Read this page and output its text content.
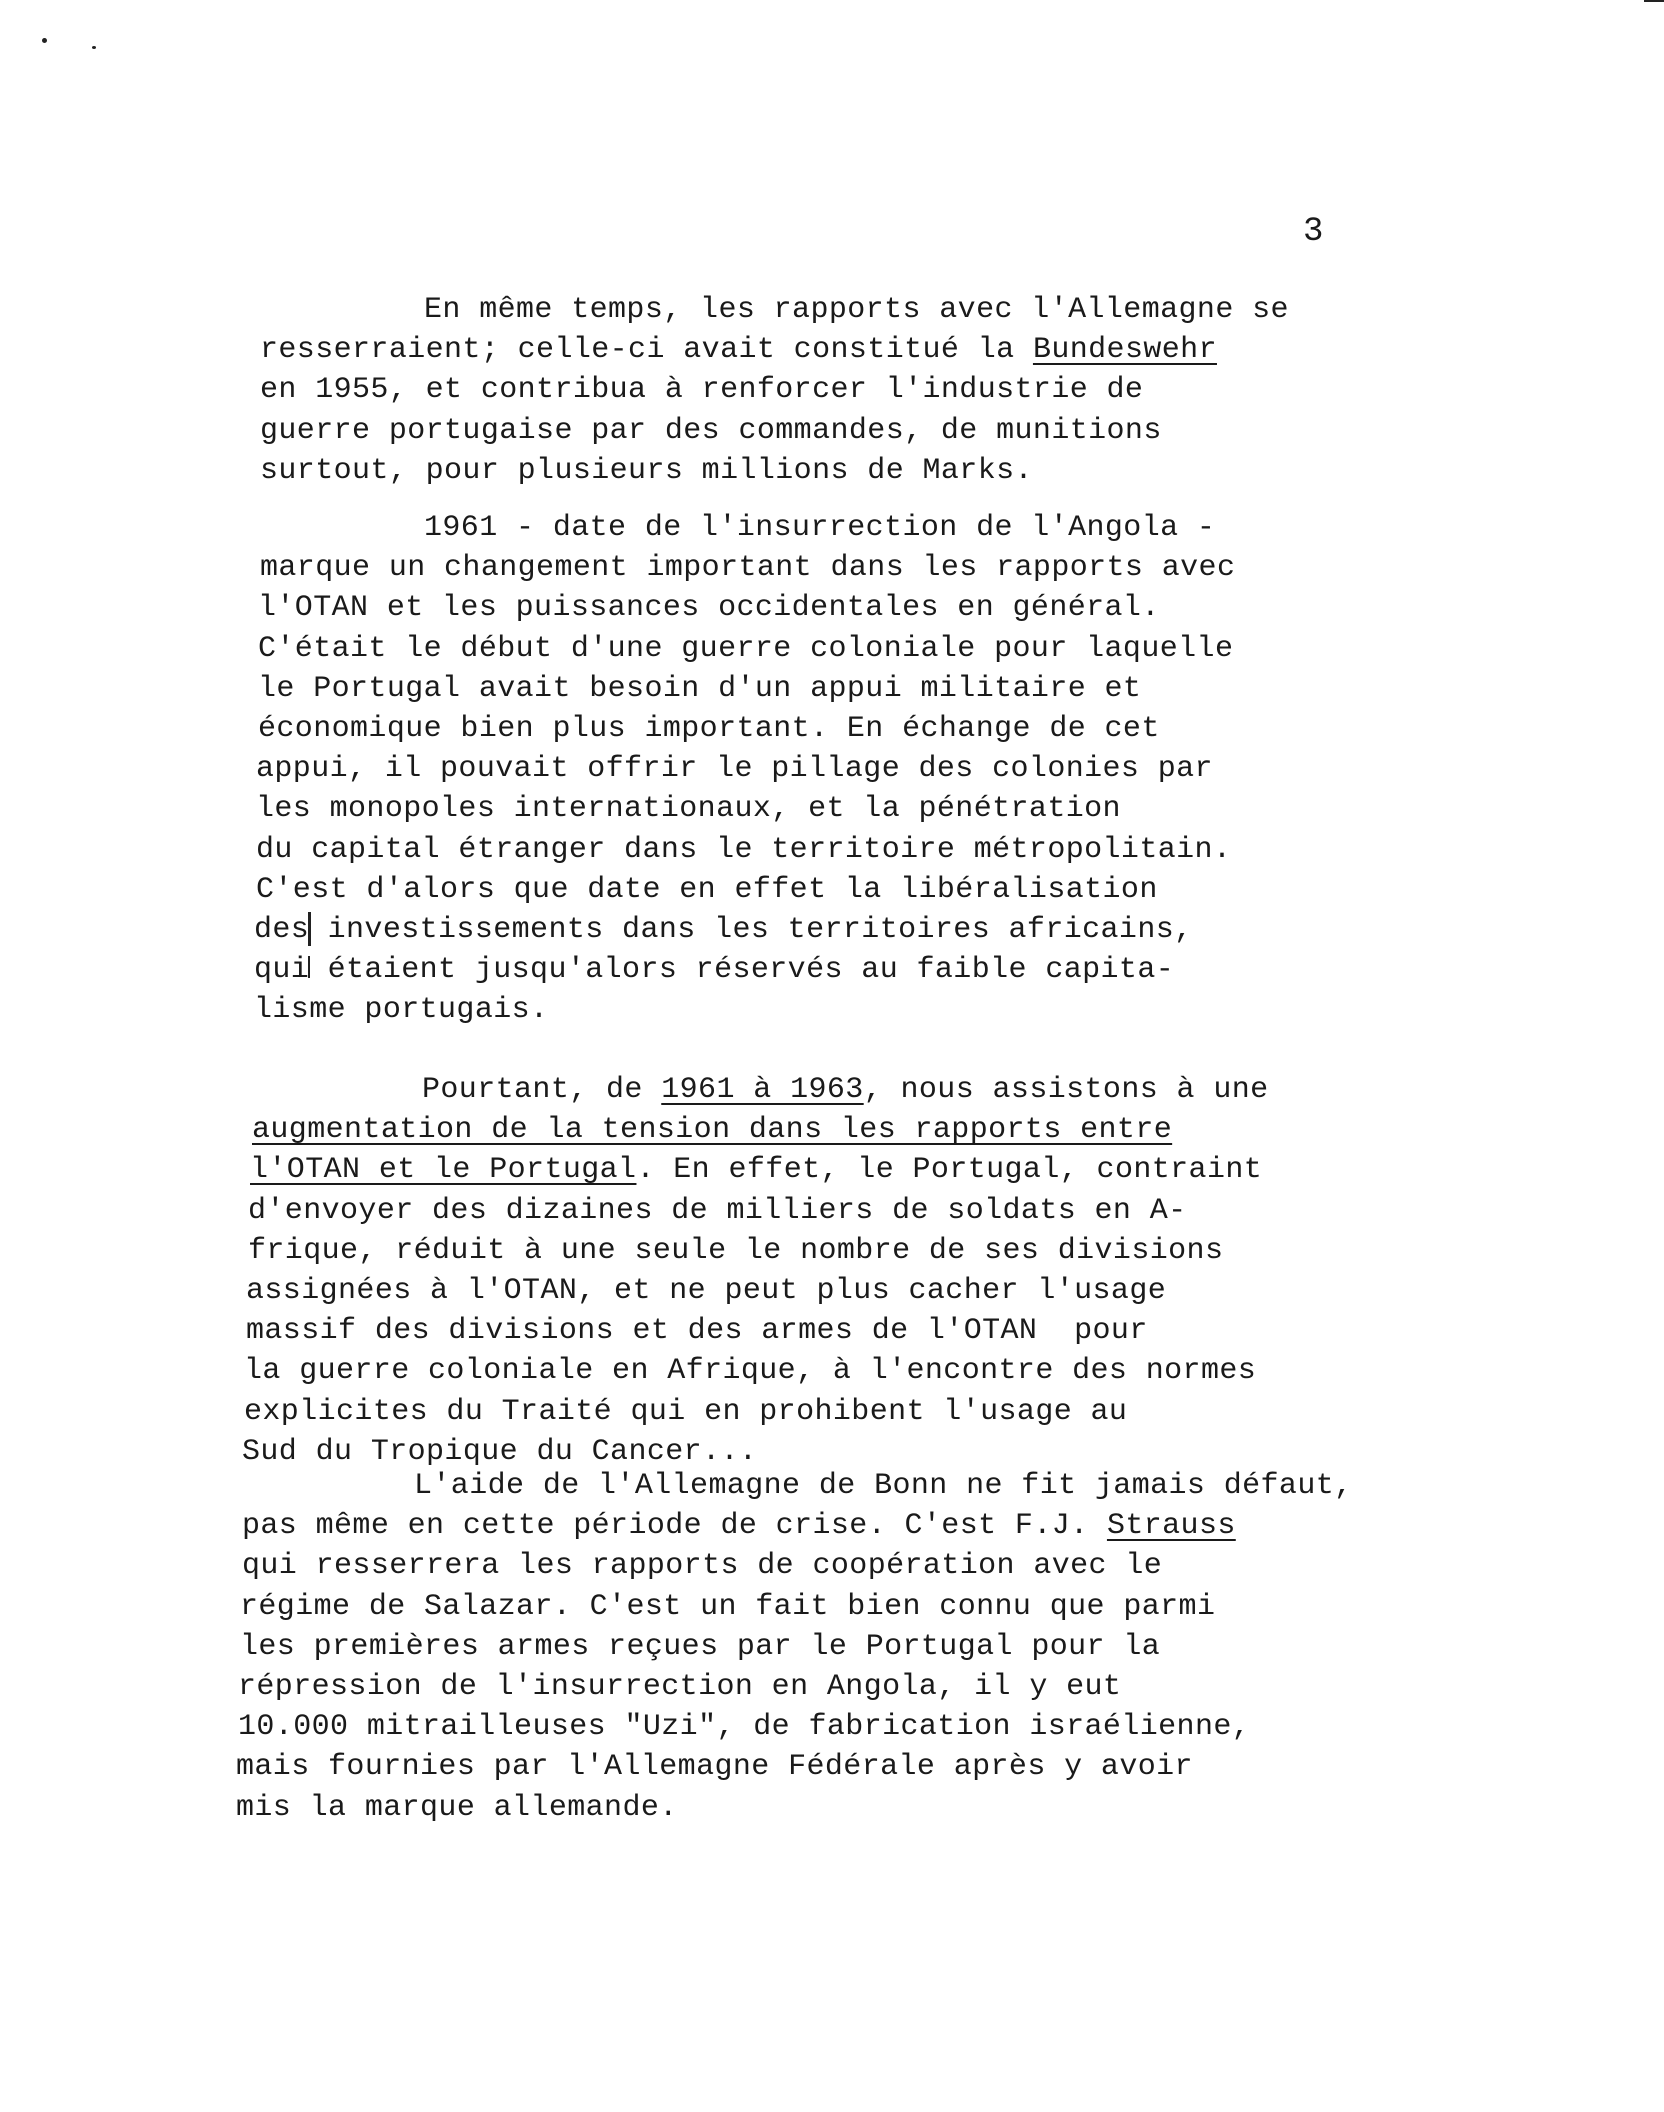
3
En même temps, les rapports avec l'Allemagne se
resserraient; celle-ci avait constitué la Bundeswehr
en 1955, et contribua à renforcer l'industrie de
guerre portugaise par des commandes, de munitions
surtout, pour plusieurs millions de Marks.
1961 - date de l'insurrection de l'Angola -
marque un changement important dans les rapports avec
l'OTAN et les puissances occidentales en général.
C'était le début d'une guerre coloniale pour laquelle
le Portugal avait besoin d'un appui militaire et
économique bien plus important. En échange de cet
appui, il pouvait offrir le pillage des colonies par
les monopoles internationaux, et la pénétration
du capital étranger dans le territoire métropolitain.
C'est d'alors que date en effet la libéralisation
des investissements dans les territoires africains,
qui étaient jusqu'alors réservés au faible capita-
lisme portugais.
Pourtant, de 1961 à 1963, nous assistons à une
augmentation de la tension dans les rapports entre
l'OTAN et le Portugal. En effet, le Portugal, contraint
d'envoyer des dizaines de milliers de soldats en A-
frique, réduit à une seule le nombre de ses divisions
assignées à l'OTAN, et ne peut plus cacher l'usage
massif des divisions et des armes de l'OTAN  pour
la guerre coloniale en Afrique, à l'encontre des normes
explicites du Traité qui en prohibent l'usage au
Sud du Tropique du Cancer...
L'aide de l'Allemagne de Bonn ne fit jamais défaut,
pas même en cette période de crise. C'est F.J. Strauss
qui resserrera les rapports de coopération avec le
régime de Salazar. C'est un fait bien connu que parmi
les premières armes reçues par le Portugal pour la
répression de l'insurrection en Angola, il y eut
10.000 mitrailleuses "Uzi", de fabrication israélienne,
mais fournies par l'Allemagne Fédérale après y avoir
mis la marque allemande.
